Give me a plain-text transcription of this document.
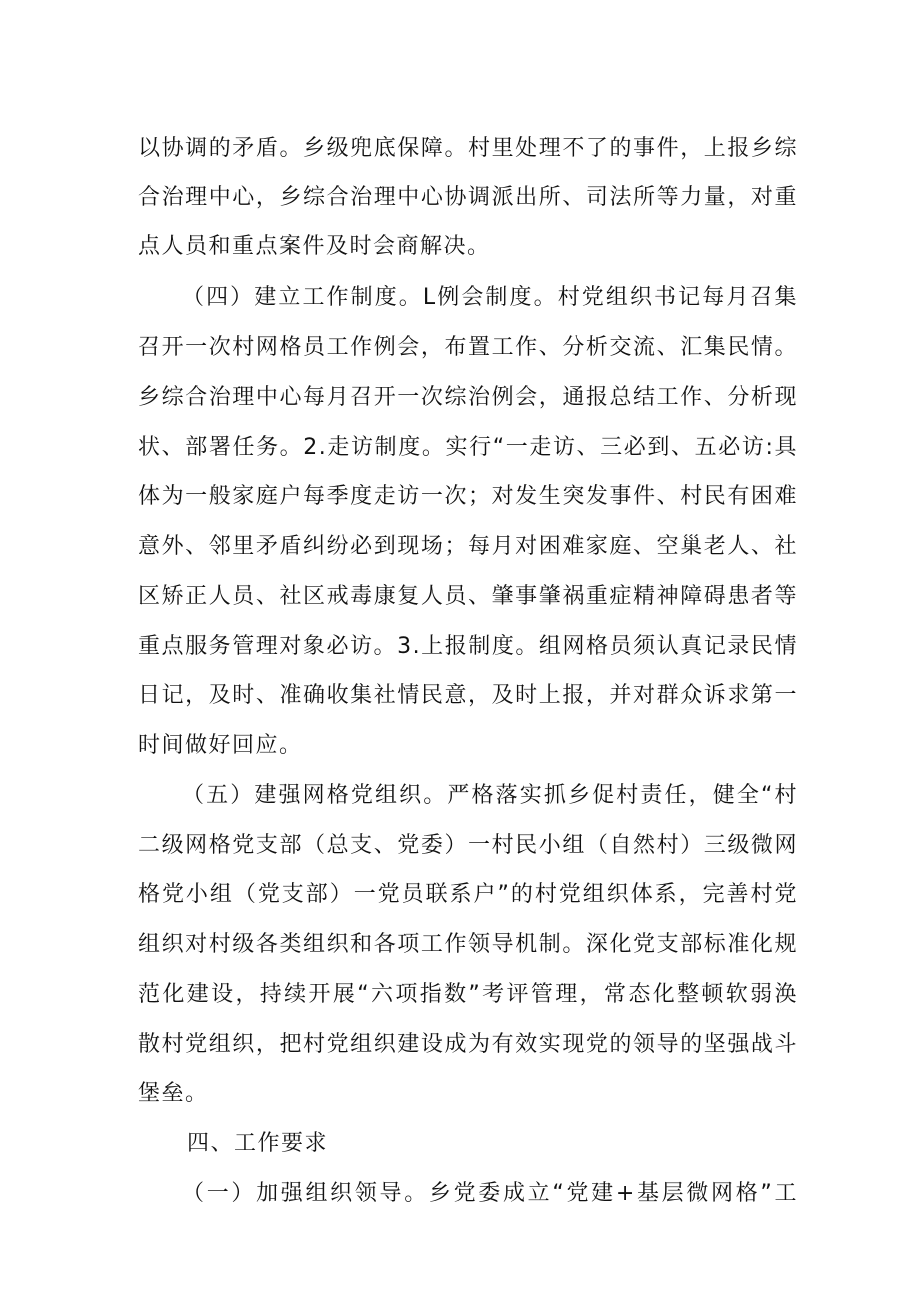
以协调的矛盾。乡级兜底保障。村里处理不了的事件，上报乡综
合治理中心，乡综合治理中心协调派出所、司法所等力量，对重
点人员和重点案件及时会商解决。
（四）建立工作制度。L例会制度。村党组织书记每月召集
召开一次村网格员工作例会，布置工作、分析交流、汇集民情。
乡综合治理中心每月召开一次综治例会，通报总结工作、分析现
状、部署任务。2.走访制度。实行“一走访、三必到、五必访:具
体为一般家庭户每季度走访一次；对发生突发事件、村民有困难
意外、邻里矛盾纠纷必到现场；每月对困难家庭、空巢老人、社
区矫正人员、社区戒毒康复人员、肇事肇祸重症精神障碍患者等
重点服务管理对象必访。3.上报制度。组网格员须认真记录民情
日记，及时、准确收集社情民意，及时上报，并对群众诉求第一
时间做好回应。
（五）建强网格党组织。严格落实抓乡促村责任，健全“村
二级网格党支部（总支、党委）一村民小组（自然村）三级微网
格党小组（党支部）一党员联系户”的村党组织体系，完善村党
组织对村级各类组织和各项工作领导机制。深化党支部标准化规
范化建设，持续开展“六项指数”考评管理，常态化整顿软弱涣
散村党组织，把村党组织建设成为有效实现党的领导的坚强战斗
堡垒。
四、工作要求
（一）加强组织领导。乡党委成立“党建+基层微网格”工
